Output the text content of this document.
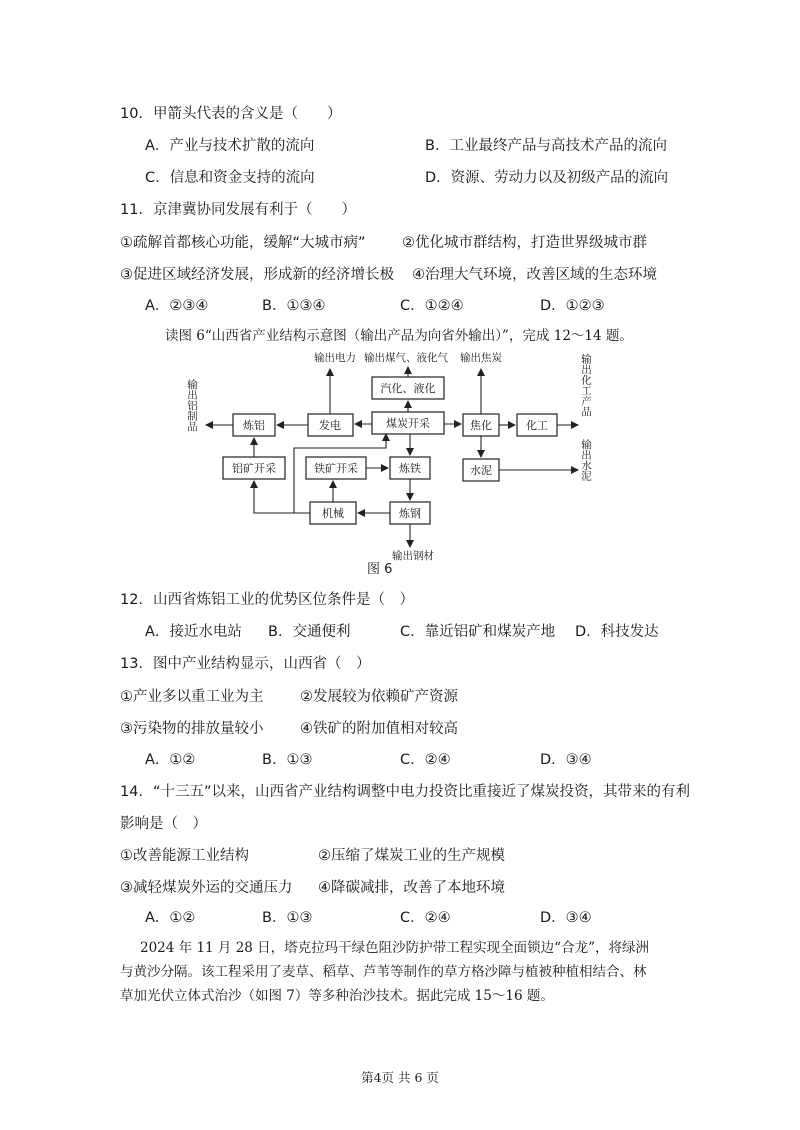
10．甲箭头代表的含义是（　　）
A．产业与技术扩散的流向	B．工业最终产品与高技术产品的流向
C．信息和资金支持的流向	D．资源、劳动力以及初级产品的流向
11．京津冀协同发展有利于（　　）
①疏解首都核心功能，缓解“大城市病”	②优化城市群结构，打造世界级城市群
③促进区域经济发展，形成新的经济增长极 ④治理大气环境，改善区域的生态环境
A．②③④	B．①③④	C．①②④	D．①②③
读图 6“山西省产业结构示意图（输出产品为向省外输出）”，完成 12～14 题。
输出电力 输出煤气、液化气 输出焦炭
汽化、液化
炼铝	发电	煤炭开采	焦化	化工
铝矿开采	铁矿开采	炼铁	水泥
机械	炼钢
输出铝制品	输出化工产品
输出水泥
输出钢材
图 6
12．山西省炼铝工业的优势区位条件是（　）
A．接近水电站 B．交通便利	C．靠近铝矿和煤炭产地 D．科技发达
13．图中产业结构显示，山西省（　）
①产业多以重工业为主	②发展较为依赖矿产资源
③污染物的排放量较小	④铁矿的附加值相对较高
A．①②	B．①③	C．②④	D．③④
14．“十三五”以来，山西省产业结构调整中电力投资比重接近了煤炭投资，其带来的有利
影响是（　）
①改善能源工业结构	②压缩了煤炭工业的生产规模
③减轻煤炭外运的交通压力 ④降碳减排，改善了本地环境
A．①②	B．①③	C．②④	D．③④
2024 年 11 月 28 日，塔克拉玛干绿色阻沙防护带工程实现全面锁边“合龙”，将绿洲
与黄沙分隔。该工程采用了麦草、稻草、芦苇等制作的草方格沙障与植被种植相结合、林
草加光伏立体式治沙（如图 7）等多种治沙技术。据此完成 15～16 题。
第4页 共 6 页
